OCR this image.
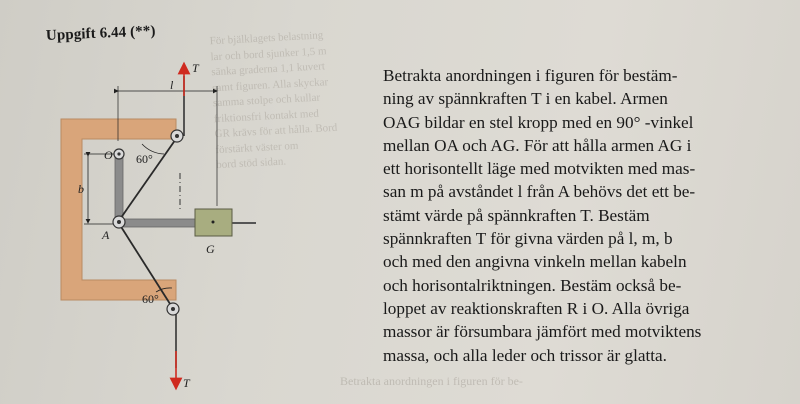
För bjälklagets belastning
lar och bord sjunker 1,5 m
sänka graderna 1,1 kuvert
samt figuren. Alla skyckar
samma stolpe och kullar
friktionsfri kontakt med
GR krävs för att hålla. Bord
förstärkt väster om
bord stöd sidan.
Betrakta anordningen i figuren för be-
Uppgift 6.44 (**)
T
l
O 60°
b
A
G
60°
T
Betrakta anordningen i figuren för bestäm-
ning av spännkraften T i en kabel. Armen
OAG bildar en stel kropp med en 90° -vinkel
mellan OA och AG. För att hålla armen AG i
ett horisontellt läge med motvikten med mas-
san m på avståndet l från A behövs det ett be-
stämt värde på spännkraften T. Bestäm
spännkraften T för givna värden på l, m, b
och med den angivna vinkeln mellan kabeln
och horisontalriktningen. Bestäm också be-
loppet av reaktionskraften R i O. Alla övriga
massor är försumbara jämfört med motviktens
massa, och alla leder och trissor är glatta.
